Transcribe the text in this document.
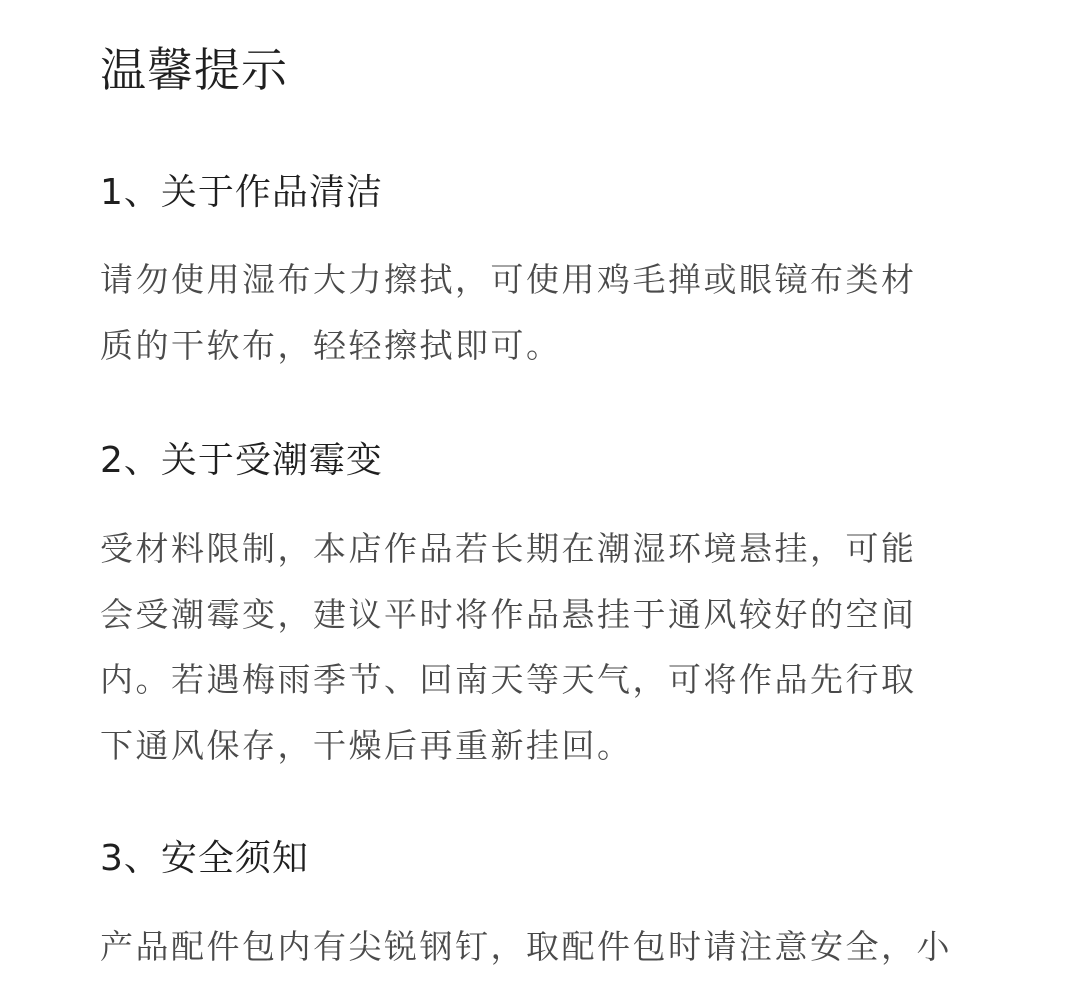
温馨提示
1、关于作品清洁

请勿使用湿布大力擦拭，可使用鸡毛掸或眼镜布类材
质的干软布，轻轻擦拭即可。

2、关于受潮霉变

受材料限制，本店作品若长期在潮湿环境悬挂，可能
会受潮霉变，建议平时将作品悬挂于通风较好的空间
内。若遇梅雨季节、回南天等天气，可将作品先行取
下通风保存，干燥后再重新挂回。

3、安全须知

产品配件包内有尖锐钢钉，取配件包时请注意安全，小
